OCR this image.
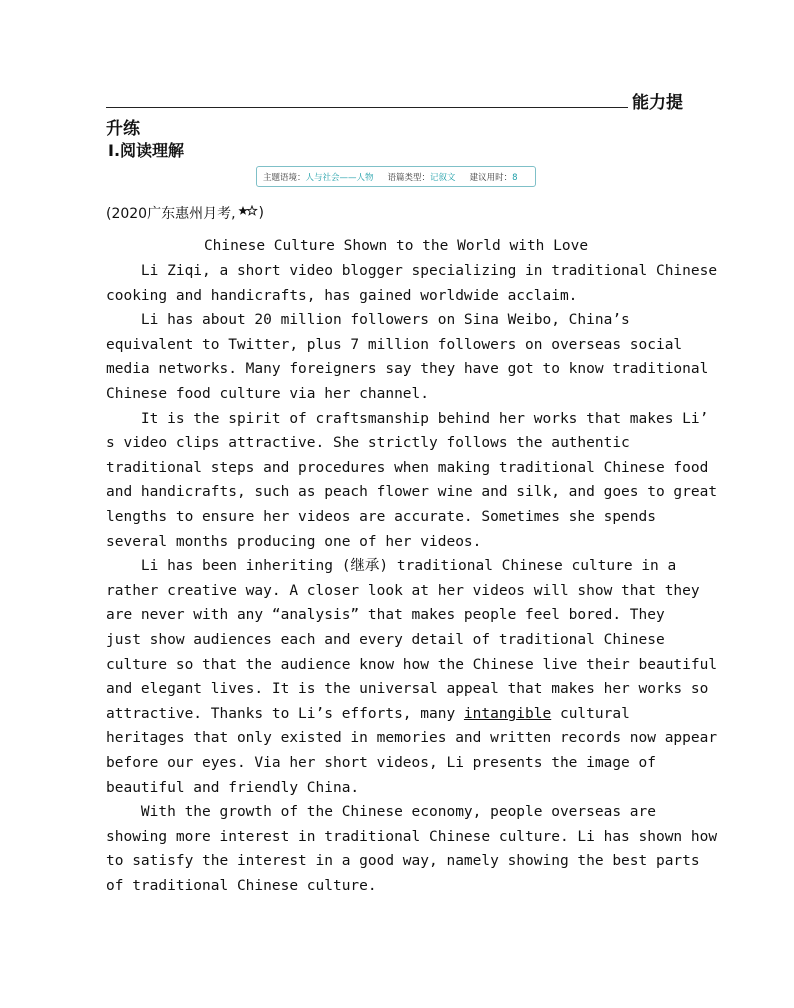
能力提
升练
Ⅰ.阅读理解
主题语境：人与社会——人物 语篇类型：记叙文 建议用时：8
(2020广东惠州月考, )
Chinese Culture Shown to the World with Love
Li Ziqi, a short video blogger specializing in traditional Chinese
cooking and handicrafts, has gained worldwide acclaim.
Li has about 20 million followers on Sina Weibo, China’s
equivalent to Twitter, plus 7 million followers on overseas social
media networks. Many foreigners say they have got to know traditional
Chinese food culture via her channel.
It is the spirit of craftsmanship behind her works that makes Li’
s video clips attractive. She strictly follows the authentic
traditional steps and procedures when making traditional Chinese food
and handicrafts, such as peach flower wine and silk, and goes to great
lengths to ensure her videos are accurate. Sometimes she spends
several months producing one of her videos.
Li has been inheriting (继承) traditional Chinese culture in a
rather creative way. A closer look at her videos will show that they
are never with any “analysis” that makes people feel bored. They
just show audiences each and every detail of traditional Chinese
culture so that the audience know how the Chinese live their beautiful
and elegant lives. It is the universal appeal that makes her works so
attractive. Thanks to Li’s efforts, many intangible cultural
heritages that only existed in memories and written records now appear
before our eyes. Via her short videos, Li presents the image of
beautiful and friendly China.
With the growth of the Chinese economy, people overseas are
showing more interest in traditional Chinese culture. Li has shown how
to satisfy the interest in a good way, namely showing the best parts
of traditional Chinese culture.
